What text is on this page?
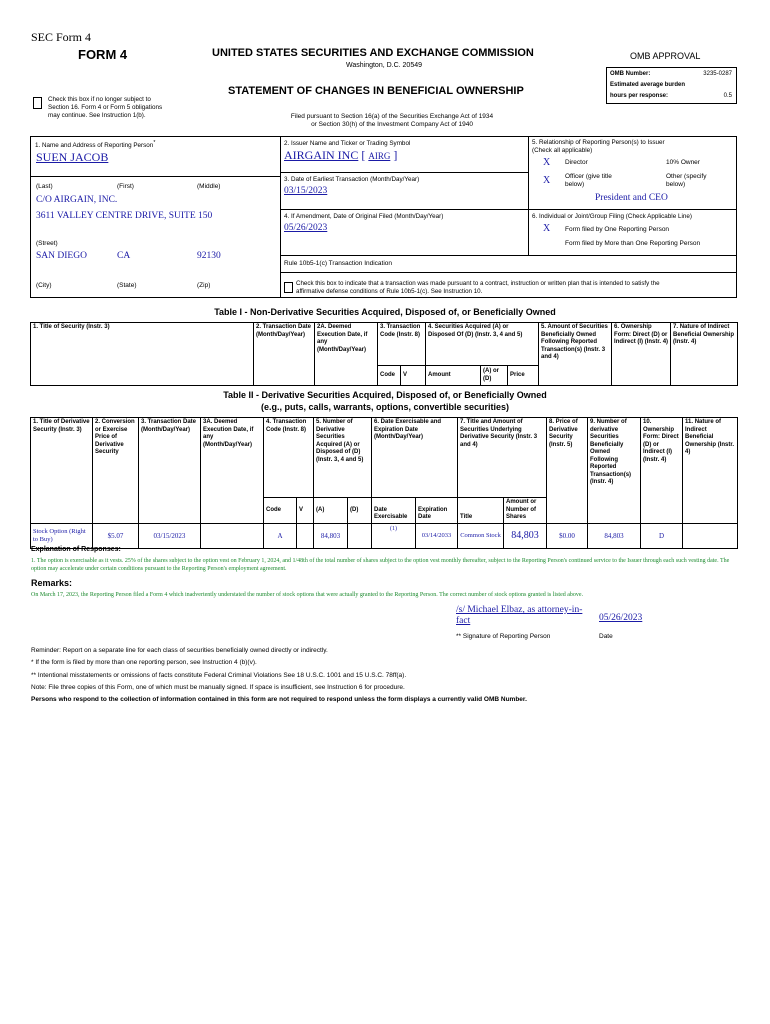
SEC Form 4
FORM 4	UNITED STATES SECURITIES AND EXCHANGE COMMISSION
Washington, D.C. 20549
STATEMENT OF CHANGES IN BENEFICIAL OWNERSHIP
Check this box if no longer subject to
Section 16. Form 4 or Form 5 obligations
may continue. See Instruction 1(b).	Filed pursuant to Section 16(a) of the Securities Exchange Act of 1934
or Section 30(h) of the Investment Company Act of 1940
OMB APPROVAL
OMB Number:	3235-0287
Estimated average burden
hours per response:	0.5
1. Name and Address of Reporting Person*
SUEN JACOB
(Last)	(First)	(Middle)
C/O AIRGAIN, INC.
3611 VALLEY CENTRE DRIVE, SUITE 150
(Street)
SAN DIEGO	CA	92130
(City)	(State)	(Zip)
2. Issuer Name and Ticker or Trading Symbol
AIRGAIN INC [ AIRG ]
3. Date of Earliest Transaction (Month/Day/Year)
03/15/2023
4. If Amendment, Date of Original Filed (Month/Day/Year)
05/26/2023
5. Relationship of Reporting Person(s) to Issuer
(Check all applicable)
X Director	10% Owner
X Officer (give title below)
Other (specify below)
President and CEO
6. Individual or Joint/Group Filing (Check Applicable Line)
X Form filed by One Reporting Person
Form filed by More than One Reporting Person
Rule 10b5-1(c) Transaction Indication
Check this box to indicate that a transaction was made pursuant to a contract, instruction or written plan that is intended to satisfy the
affirmative defense conditions of Rule 10b5-1(c). See Instruction 10.
Table I - Non-Derivative Securities Acquired, Disposed of, or Beneficially Owned
1. Title of Security (Instr. 3)	2. Transaction Date (Month/Day/Year)	2A. Deemed Execution Date, if any (Month/Day/Year)	3. Transaction Code (Instr. 8)		4. Securities Acquired (A) or Disposed Of (D) (Instr. 3, 4 and 5)			5. Amount of Securities Beneficially Owned Following Reported Transaction(s) (Instr. 3 and 4)	6. Ownership Form: Direct (D) or Indirect (I) (Instr. 4)	7. Nature of Indirect Beneficial Ownership (Instr. 4)
			Code	V	Amount	(A) or (D)	Price			
Table II - Derivative Securities Acquired, Disposed of, or Beneficially Owned
(e.g., puts, calls, warrants, options, convertible securities)
1. Title of Derivative Security (Instr. 3)	2. Conversion or Exercise Price of Derivative Security	3. Transaction Date (Month/Day/Year)	3A. Deemed Execution Date, if any (Month/Day/Year)	4. Transaction Code (Instr. 8)		5. Number of Derivative Securities Acquired (A) or Disposed of (D) (Instr. 3, 4 and 5)		6. Date Exercisable and Expiration Date (Month/Day/Year)		7. Title and Amount of Securities Underlying Derivative Security (Instr. 3 and 4)		8. Price of Derivative Security (Instr. 5)	9. Number of derivative Securities Beneficially Owned Following Reported Transaction(s) (Instr. 4)	10. Ownership Form: Direct (D) or Indirect (I) (Instr. 4)	11. Nature of Indirect Beneficial Ownership (Instr. 4)
				Code	V	(A)	(D)	Date Exercisable	Expiration Date	Title	Amount or Number of Shares				
Stock Option (Right to Buy)	$5.07	03/15/2023		A		84,803		(1)	03/14/2033	Common Stock	84,803	$0.00	84,803	D	
Explanation of Responses:
1. The option is exercisable as it vests. 25% of the shares subject to the option vest on February 1, 2024, and 1/48th of the total number of shares subject to the option vest monthly thereafter, subject to the Reporting Person's continued service to the Issuer through each such vesting date. The option may accelerate under certain conditions pursuant to the Reporting Person's employment agreement.
Remarks:
On March 17, 2023, the Reporting Person filed a Form 4 which inadvertently understated the number of stock options that were actually granted to the Reporting Person. The correct number of stock options granted is listed above.
/s/ Michael Elbaz, as attorney-in-fact	05/26/2023
** Signature of Reporting Person	Date
Reminder: Report on a separate line for each class of securities beneficially owned directly or indirectly.
* If the form is filed by more than one reporting person, see Instruction 4 (b)(v).
** Intentional misstatements or omissions of facts constitute Federal Criminal Violations See 18 U.S.C. 1001 and 15 U.S.C. 78ff(a).
Note: File three copies of this Form, one of which must be manually signed. If space is insufficient, see Instruction 6 for procedure.
Persons who respond to the collection of information contained in this form are not required to respond unless the form displays a currently valid OMB Number.
